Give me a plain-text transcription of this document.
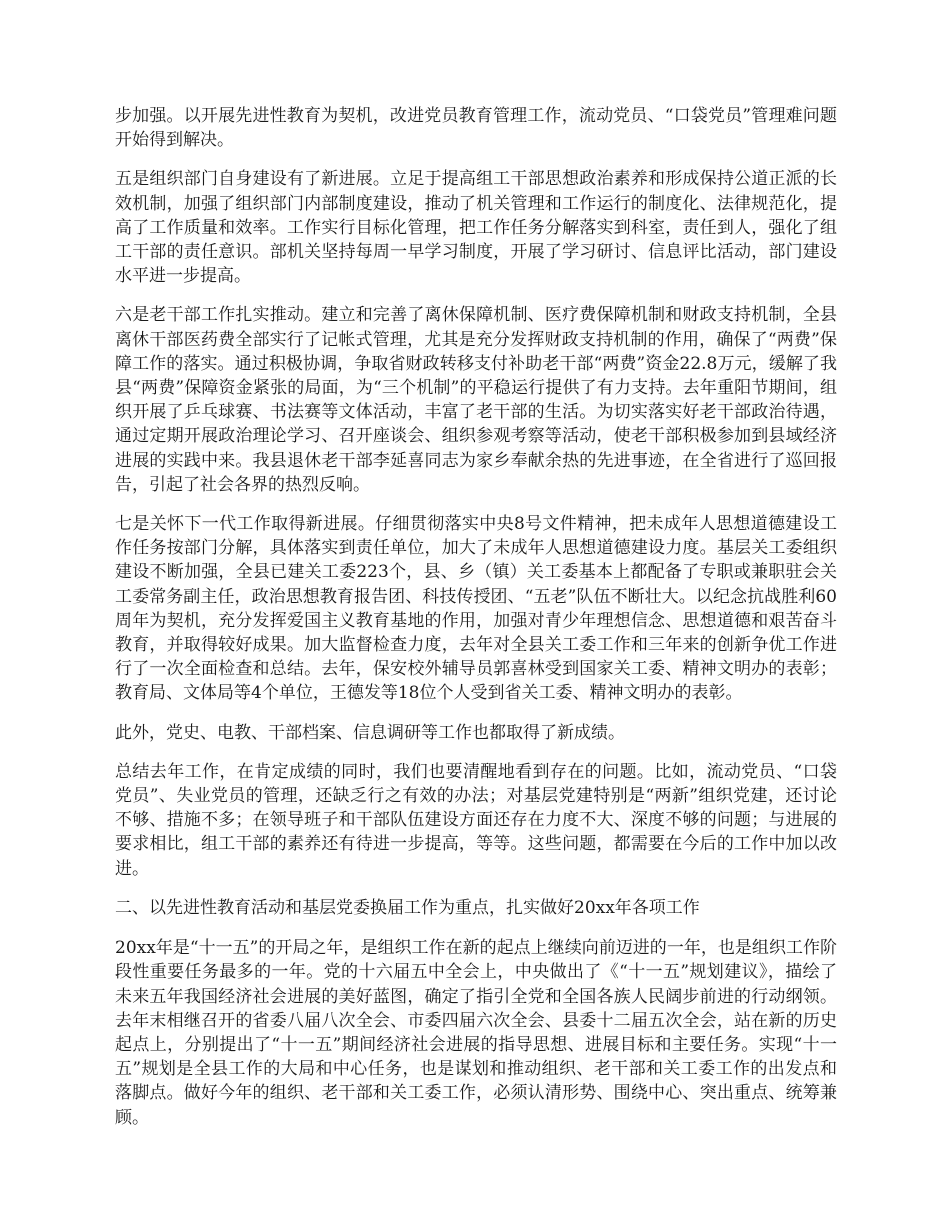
步加强。以开展先进性教育为契机，改进党员教育管理工作，流动党员、“口袋党员”管理难问题开始得到解决。

五是组织部门自身建设有了新进展。立足于提高组工干部思想政治素养和形成保持公道正派的长效机制，加强了组织部门内部制度建设，推动了机关管理和工作运行的制度化、法律规范化，提高了工作质量和效率。工作实行目标化管理，把工作任务分解落实到科室，责任到人，强化了组工干部的责任意识。部机关坚持每周一早学习制度，开展了学习研讨、信息评比活动，部门建设水平进一步提高。

六是老干部工作扎实推动。建立和完善了离休保障机制、医疗费保障机制和财政支持机制，全县离休干部医药费全部实行了记帐式管理，尤其是充分发挥财政支持机制的作用，确保了“两费”保障工作的落实。通过积极协调，争取省财政转移支付补助老干部“两费”资金22.8万元，缓解了我县“两费”保障资金紧张的局面，为“三个机制”的平稳运行提供了有力支持。去年重阳节期间，组织开展了乒乓球赛、书法赛等文体活动，丰富了老干部的生活。为切实落实好老干部政治待遇，通过定期开展政治理论学习、召开座谈会、组织参观考察等活动，使老干部积极参加到县域经济进展的实践中来。我县退休老干部李延喜同志为家乡奉献余热的先进事迹，在全省进行了巡回报告，引起了社会各界的热烈反响。

七是关怀下一代工作取得新进展。仔细贯彻落实中央8号文件精神，把未成年人思想道德建设工作任务按部门分解，具体落实到责任单位，加大了未成年人思想道德建设力度。基层关工委组织建设不断加强，全县已建关工委223个，县、乡（镇）关工委基本上都配备了专职或兼职驻会关工委常务副主任，政治思想教育报告团、科技传授团、“五老”队伍不断壮大。以纪念抗战胜利60周年为契机，充分发挥爱国主义教育基地的作用，加强对青少年理想信念、思想道德和艰苦奋斗教育，并取得较好成果。加大监督检查力度，去年对全县关工委工作和三年来的创新争优工作进行了一次全面检查和总结。去年，保安校外辅导员郭喜林受到国家关工委、精神文明办的表彰；教育局、文体局等4个单位，王德发等18位个人受到省关工委、精神文明办的表彰。

此外，党史、电教、干部档案、信息调研等工作也都取得了新成绩。

总结去年工作，在肯定成绩的同时，我们也要清醒地看到存在的问题。比如，流动党员、“口袋党员”、失业党员的管理，还缺乏行之有效的办法；对基层党建特别是“两新”组织党建，还讨论不够、措施不多；在领导班子和干部队伍建设方面还存在力度不大、深度不够的问题；与进展的要求相比，组工干部的素养还有待进一步提高，等等。这些问题，都需要在今后的工作中加以改进。

二、以先进性教育活动和基层党委换届工作为重点，扎实做好20xx年各项工作

20xx年是“十一五”的开局之年，是组织工作在新的起点上继续向前迈进的一年，也是组织工作阶段性重要任务最多的一年。党的十六届五中全会上，中央做出了《“十一五”规划建议》，描绘了未来五年我国经济社会进展的美好蓝图，确定了指引全党和全国各族人民阔步前进的行动纲领。去年末相继召开的省委八届八次全会、市委四届六次全会、县委十二届五次全会，站在新的历史起点上，分别提出了“十一五”期间经济社会进展的指导思想、进展目标和主要任务。实现“十一五”规划是全县工作的大局和中心任务，也是谋划和推动组织、老干部和关工委工作的出发点和落脚点。做好今年的组织、老干部和关工委工作，必须认清形势、围绕中心、突出重点、统筹兼顾。
